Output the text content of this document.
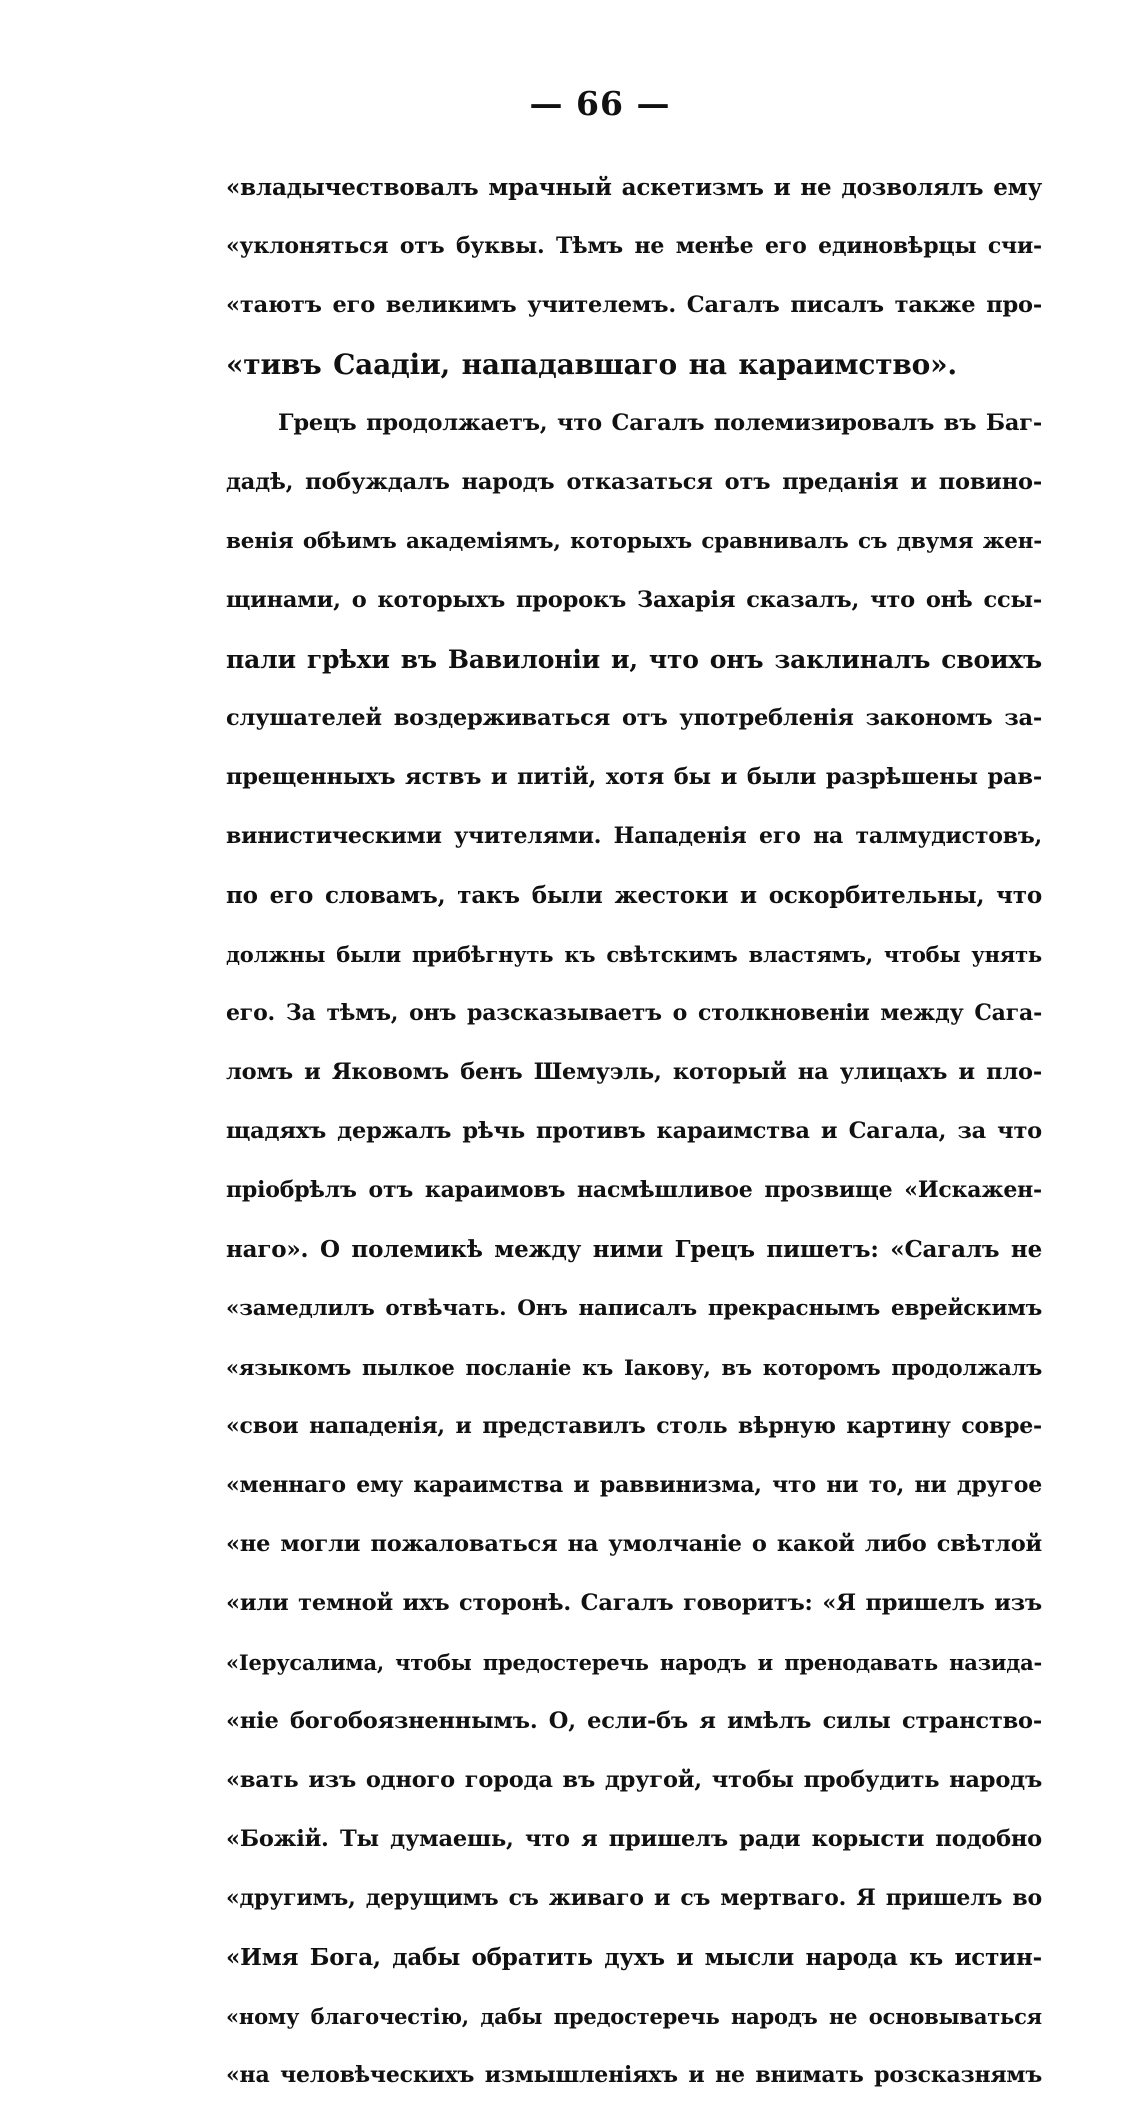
— 66 —
«владычествовалъ мрачный аскетизмъ и не дозволялъ ему
«уклоняться отъ буквы. Тѣмъ не менѣе его единовѣрцы счи-
«таютъ его великимъ учителемъ. Сагалъ писалъ также про-
«тивъ Саадіи, нападавшаго на караимство».
Грецъ продолжаетъ, что Сагалъ полемизировалъ въ Баг-
дадѣ, побуждалъ народъ отказаться отъ преданія и повино-
венія обѣимъ академіямъ, которыхъ сравнивалъ съ двумя жен-
щинами, о которыхъ пророкъ Захарія сказалъ, что онѣ ссы-
пали грѣхи въ Вавилоніи и, что онъ заклиналъ своихъ
слушателей воздерживаться отъ употребленія закономъ за-
прещенныхъ яствъ и питій, хотя бы и были разрѣшены рав-
винистическими учителями. Нападенія его на талмудистовъ,
по его словамъ, такъ были жестоки и оскорбительны, что
должны были прибѣгнуть къ свѣтскимъ властямъ, чтобы унять
его. За тѣмъ, онъ разсказываетъ о столкновеніи между Сага-
ломъ и Яковомъ бенъ Шемуэль, который на улицахъ и пло-
щадяхъ держалъ рѣчь противъ караимства и Сагала, за что
пріобрѣлъ отъ караимовъ насмѣшливое прозвище «Искажен-
наго». О полемикѣ между ними Грецъ пишетъ: «Сагалъ не
«замедлилъ отвѣчать. Онъ написалъ прекраснымъ еврейскимъ
«языкомъ пылкое посланіе къ Іакову, въ которомъ продолжалъ
«свои нападенія, и представилъ столь вѣрную картину совре-
«меннаго ему караимства и раввинизма, что ни то, ни другое
«не могли пожаловаться на умолчаніе о какой либо свѣтлой
«или темной ихъ сторонѣ. Сагалъ говоритъ: «Я пришелъ изъ
«Іерусалима, чтобы предостеречь народъ и пренодавать назида-
«ніе богобоязненнымъ. О, если-бъ я имѣлъ силы странство-
«вать изъ одного города въ другой, чтобы пробудить народъ
«Божій. Ты думаешь, что я пришелъ ради корысти подобно
«другимъ, дерущимъ съ живаго и съ мертваго. Я пришелъ во
«Имя Бога, дабы обратить духъ и мысли народа къ истин-
«ному благочестію, дабы предостеречь народъ не основываться
«на человѣческихъ измышленіяхъ и не внимать розсказнямъ
